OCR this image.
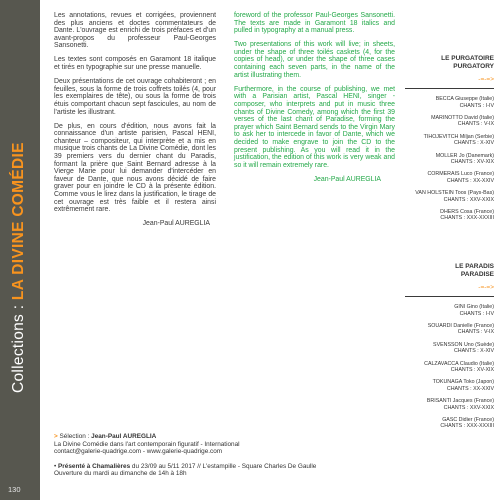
Collections : LA DIVINE COMÉDIE
130

Les annotations, revues et corrigées, proviennent des plus anciens et doctes commentateurs de Dante. L'ouvrage est enrichi de trois préfaces et d'un avant-propos du professeur Paul-Georges Sansonetti.

Les textes sont composés en Garamont 18 italique et tirés en typographie sur une presse manuelle.

Deux présentations de cet ouvrage cohabiteront ; en feuilles, sous la forme de trois coffrets toilés (4, pour les exemplaires de tête), ou sous la forme de trois étuis comportant chacun sept fascicules, au nom de l'artiste les illustrant.

De plus, en cours d'édition, nous avons fait la connaissance d'un artiste parisien, Pascal HENI, chanteur – compositeur, qui interprète et a mis en musique trois chants de La Divine Comédie, dont les 39 premiers vers du dernier chant du Paradis, formant la prière que Saint Bernard adresse à la Vierge Marie pour lui demander d'intercéder en faveur de Dante, que nous avons décidé de faire graver pour en joindre le CD à la présente édition. Comme vous le lirez dans la justification, le tirage de cet ouvrage est très faible et il restera ainsi extrêmement rare.

Jean-Paul AUREGLIA

foreword of the professor Paul-Georges Sansonetti. The texts are made in Garamont 18 italics and pulled in typography at a manual press.

Two presentations of this work will live; in sheets, under the shape of three toilés caskets (4, for the copies of head), or under the shape of three cases containing each seven parts, in the name of the artist illustrating them.

Furthermore, in the course of publishing, we met with a Parisian artist, Pascal HENI, singer - composer, who interprets and put in music three chants of Divine Comedy, among which the first 39 verses of the last chant of Paradise, forming the prayer which Saint Bernard sends to the Virgin Mary to ask her to intercede in favor of Dante, which we decided to make engrave to join the CD to the present publishing. As you will read it in the justification, the edition of this work is very weak and so it will remain extremely rare.

Jean-Paul AUREGLIA
LE PURGATOIRE
PURGATORY
-=-=>
BECCA Giuseppe (Italie)
CHANTS : I-IV
MARINOTTO David (Italie)
CHANTS : V-IX
TIHOJEVITCH Miljan (Serbie)
CHANTS : X-XIV
MOLLER Jo (Danemark)
CHANTS : XV-XIX
CORMERAIS Luco (France)
CHANTS : XX-XXIV
VAN HOLSTEIN Toos (Pays-Bas)
CHANTS : XXV-XXIX
DHERS Cosa (France)
CHANTS : XXX-XXXIII
LE PARADIS
PARADISE
-=-=>
GINI Gino (Italie)
CHANTS : I-IV
SOUARDI Danielle (France)
CHANTS : V-IX
SVENSSON Uno (Suède)
CHANTS : X-XIV
CALZAVACCA Claudio (Italie)
CHANTS : XV-XIX
TOKUNAGA Toko (Japon)
CHANTS : XX-XXIV
BRISANTI Jacques (France)
CHANTS : XXV-XXIX
GASC Didier (France)
CHANTS : XXX-XXXIII
> Sélection : Jean-Paul AUREGLIA
La Divine Comédie dans l'art contemporain figuratif - International
contact@galerie-quadrige.com - www.galerie-quadrige.com
• Présenté à Chamalières du 23/09 au 5/11 2017 // L'estampille - Square Charles De Gaulle
Ouverture du mardi au dimanche de 14h à 18h
